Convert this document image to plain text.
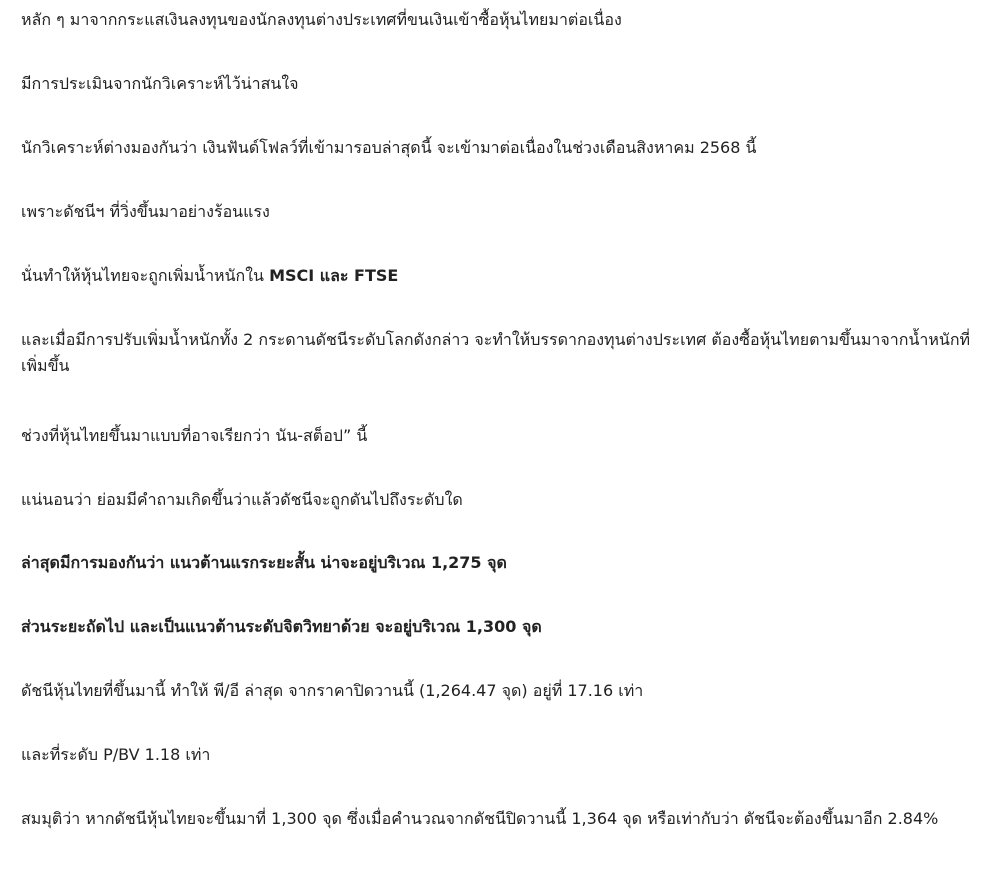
หลัก ๆ มาจากกระแสเงินลงทุนของนักลงทุนต่างประเทศที่ขนเงินเข้าซื้อหุ้นไทยมาต่อเนื่อง

มีการประเมินจากนักวิเคราะห์ไว้น่าสนใจ

นักวิเคราะห์ต่างมองกันว่า เงินฟันด์โฟลว์ที่เข้ามารอบล่าสุดนี้ จะเข้ามาต่อเนื่องในช่วงเดือนสิงหาคม 2568 นี้

เพราะดัชนีฯ ที่วิ่งขึ้นมาอย่างร้อนแรง

นั่นทำให้หุ้นไทยจะถูกเพิ่มน้ำหนักใน MSCI และ FTSE

และเมื่อมีการปรับเพิ่มน้ำหนักทั้ง 2 กระดานดัชนีระดับโลกดังกล่าว จะทำให้บรรดากองทุนต่างประเทศ ต้องซื้อหุ้นไทยตามขึ้นมาจากน้ำหนักที่เพิ่มขึ้น

ช่วงที่หุ้นไทยขึ้นมาแบบที่อาจเรียกว่า นัน-สต็อป” นี้

แน่นอนว่า ย่อมมีคำถามเกิดขึ้นว่าแล้วดัชนีจะถูกดันไปถึงระดับใด

ล่าสุดมีการมองกันว่า แนวต้านแรกระยะสั้น น่าจะอยู่บริเวณ 1,275 จุด

ส่วนระยะถัดไป และเป็นแนวต้านระดับจิตวิทยาด้วย จะอยู่บริเวณ 1,300 จุด

ดัชนีหุ้นไทยที่ขึ้นมานี้ ทำให้ พี/อี ล่าสุด จากราคาปิดวานนี้ (1,264.47 จุด) อยู่ที่ 17.16 เท่า

และที่ระดับ P/BV 1.18 เท่า

สมมุติว่า หากดัชนีหุ้นไทยจะขึ้นมาที่ 1,300 จุด ซึ่งเมื่อคำนวณจากดัชนีปิดวานนี้ 1,364 จุด หรือเท่ากับว่า ดัชนีจะต้องขึ้นมาอีก 2.84%
